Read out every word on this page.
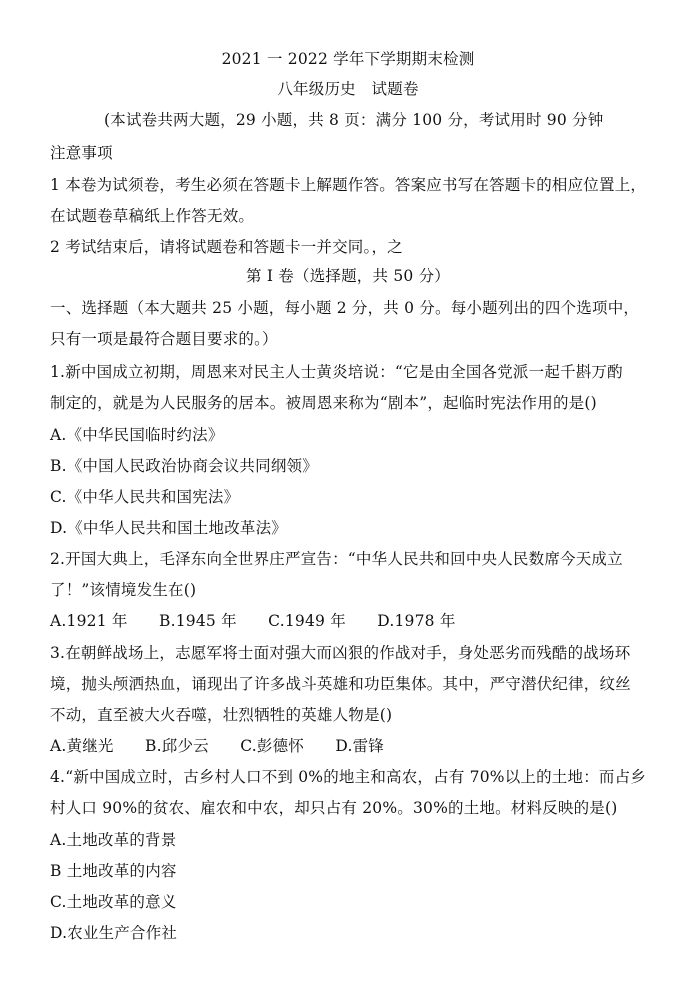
2021 一 2022 学年下学期期末检测
八年级历史　试题卷
(本试卷共两大题，29 小题，共 8 页：满分 100 分，考试用时 90 分钟
注意事项
1 本卷为试须卷，考生必须在答题卡上解题作答。答案应书写在答题卡的相应位置上，
在试题卷草稿纸上作答无效。
2 考试结束后，请将试题卷和答题卡一并交同。，之
第 I 卷（选择题，共 50 分）
一、选择题（本大题共 25 小题，每小题 2 分，共 0 分。每小题列出的四个选项中，
只有一项是最符合题目要求的。）
1.新中国成立初期，周恩来对民主人士黄炎培说：“它是由全国各党派一起千斟万酌
制定的，就是为人民服务的居本。被周恩来称为“剧本”，起临时宪法作用的是()
A.《中华民国临时约法》
B.《中国人民政治协商会议共同纲领》
C.《中华人民共和国宪法》
D.《中华人民共和国土地改革法》
2.开国大典上，毛泽东向全世界庄严宣告：“中华人民共和回中央人民数席今天成立
了！”该情境发生在()
A.1921 年　　B.1945 年　　C.1949 年　　D.1978 年
3.在朝鲜战场上，志愿军将士面对强大而凶狠的作战对手，身处恶劣而残酷的战场环
境，抛头颅洒热血，诵现出了许多战斗英雄和功臣集体。其中，严守潜伏纪律，纹丝
不动，直至被大火吞噬，壮烈牺牲的英雄人物是()
A.黄继光　　B.邱少云　　C.彭德怀　　D.雷锋
4.“新中国成立时，古乡村人口不到 0%的地主和高农，占有 70%以上的土地：而占乡
村人口 90%的贫农、雇农和中农，却只占有 20%。30%的土地。材料反映的是()
A.土地改革的背景
B 土地改革的内容
C.土地改革的意义
D.农业生产合作社
